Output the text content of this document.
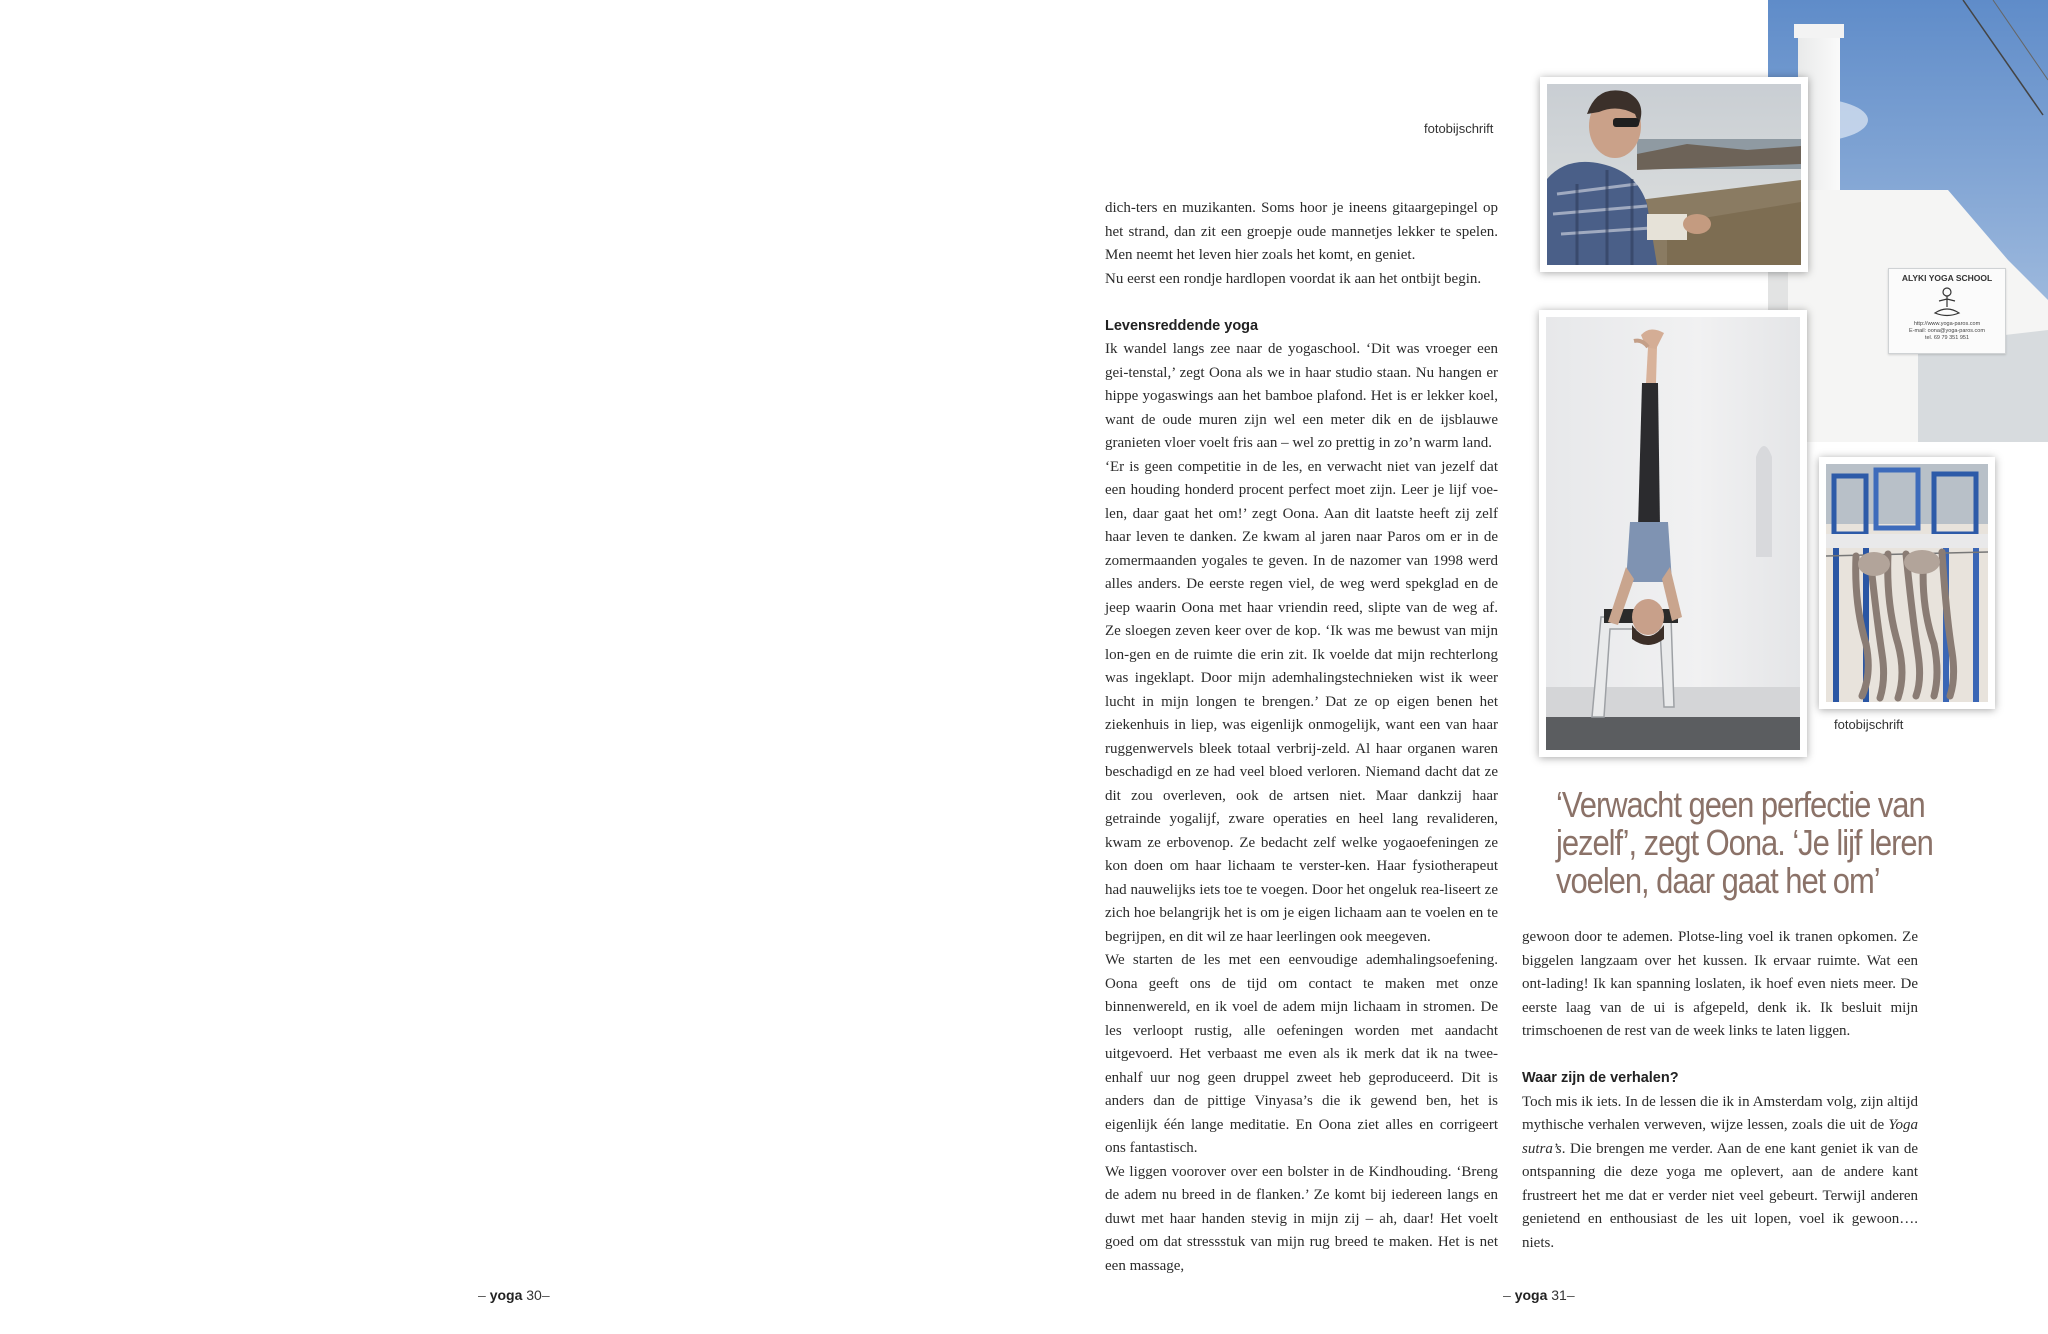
– yoga 30–
ALYKI YOGA SCHOOL
http://www.yoga-paros.com
E-mail: oona@yoga-paros.com
tel. 69 79 351 951
fotobijschrift
fotobijschrift
‘Verwacht geen perfectie van jezelf’, zegt Oona. ‘Je lijf leren voelen, daar gaat het om’

dich-ters en muzikanten. Soms hoor je ineens gitaargepingel op het strand, dan zit een groepje oude mannetjes lekker te spelen. Men neemt het leven hier zoals het komt, en geniet.

Nu eerst een rondje hardlopen voordat ik aan het ontbijt begin.

Levensreddende yoga

Ik wandel langs zee naar de yogaschool. ‘Dit was vroeger een gei-tenstal,’ zegt Oona als we in haar studio staan. Nu hangen er hippe yogaswings aan het bamboe plafond. Het is er lekker koel, want de oude muren zijn wel een meter dik en de ijsblauwe granieten vloer voelt fris aan – wel zo prettig in zo’n warm land.

‘Er is geen competitie in de les, en verwacht niet van jezelf dat een houding honderd procent perfect moet zijn. Leer je lijf voe-len, daar gaat het om!’ zegt Oona. Aan dit laatste heeft zij zelf haar leven te danken. Ze kwam al jaren naar Paros om er in de zomermaanden yogales te geven. In de nazomer van 1998 werd alles anders. De eerste regen viel, de weg werd spekglad en de jeep waarin Oona met haar vriendin reed, slipte van de weg af. Ze sloegen zeven keer over de kop. ‘Ik was me bewust van mijn lon-gen en de ruimte die erin zit. Ik voelde dat mijn rechterlong was ingeklapt. Door mijn ademhalingstechnieken wist ik weer lucht in mijn longen te brengen.’ Dat ze op eigen benen het ziekenhuis in liep, was eigenlijk onmogelijk, want een van haar ruggenwervels bleek totaal verbrij-zeld. Al haar organen waren beschadigd en ze had veel bloed verloren. Niemand dacht dat ze dit zou overleven, ook de artsen niet. Maar dankzij haar getrainde yogalijf, zware operaties en heel lang revalideren, kwam ze erbovenop. Ze bedacht zelf welke yogaoefeningen ze kon doen om haar lichaam te verster-ken. Haar fysiotherapeut had nauwelijks iets toe te voegen. Door het ongeluk rea-liseert ze zich hoe belangrijk het is om je eigen lichaam aan te voelen en te begrijpen, en dit wil ze haar leerlingen ook meegeven.

We starten de les met een eenvoudige ademhalingsoefening. Oona geeft ons de tijd om contact te maken met onze binnenwereld, en ik voel de adem mijn lichaam in stromen. De les verloopt rustig, alle oefeningen worden met aandacht uitgevoerd. Het verbaast me even als ik merk dat ik na twee-enhalf uur nog geen druppel zweet heb geproduceerd. Dit is anders dan de pittige Vinyasa’s die ik gewend ben, het is eigenlijk één lange meditatie. En Oona ziet alles en corrigeert ons fantastisch.

We liggen voorover over een bolster in de Kindhouding. ‘Breng de adem nu breed in de flanken.’ Ze komt bij iedereen langs en duwt met haar handen stevig in mijn zij – ah, daar! Het voelt goed om dat stressstuk van mijn rug breed te maken. Het is net een massage,

gewoon door te ademen. Plotse-ling voel ik tranen opkomen. Ze biggelen langzaam over het kussen. Ik ervaar ruimte. Wat een ont-lading! Ik kan spanning loslaten, ik hoef even niets meer. De eerste laag van de ui is afgepeld, denk ik. Ik besluit mijn trimschoenen de rest van de week links te laten liggen.

Waar zijn de verhalen?

Toch mis ik iets. In de lessen die ik in Amsterdam volg, zijn altijd mythische verhalen verweven, wijze lessen, zoals die uit de Yoga sutra’s. Die brengen me verder. Aan de ene kant geniet ik van de ontspanning die deze yoga me oplevert, aan de andere kant frustreert het me dat er verder niet veel gebeurt. Terwijl anderen genietend en enthousiast de les uit lopen, voel ik gewoon…. niets.

– yoga 31–
